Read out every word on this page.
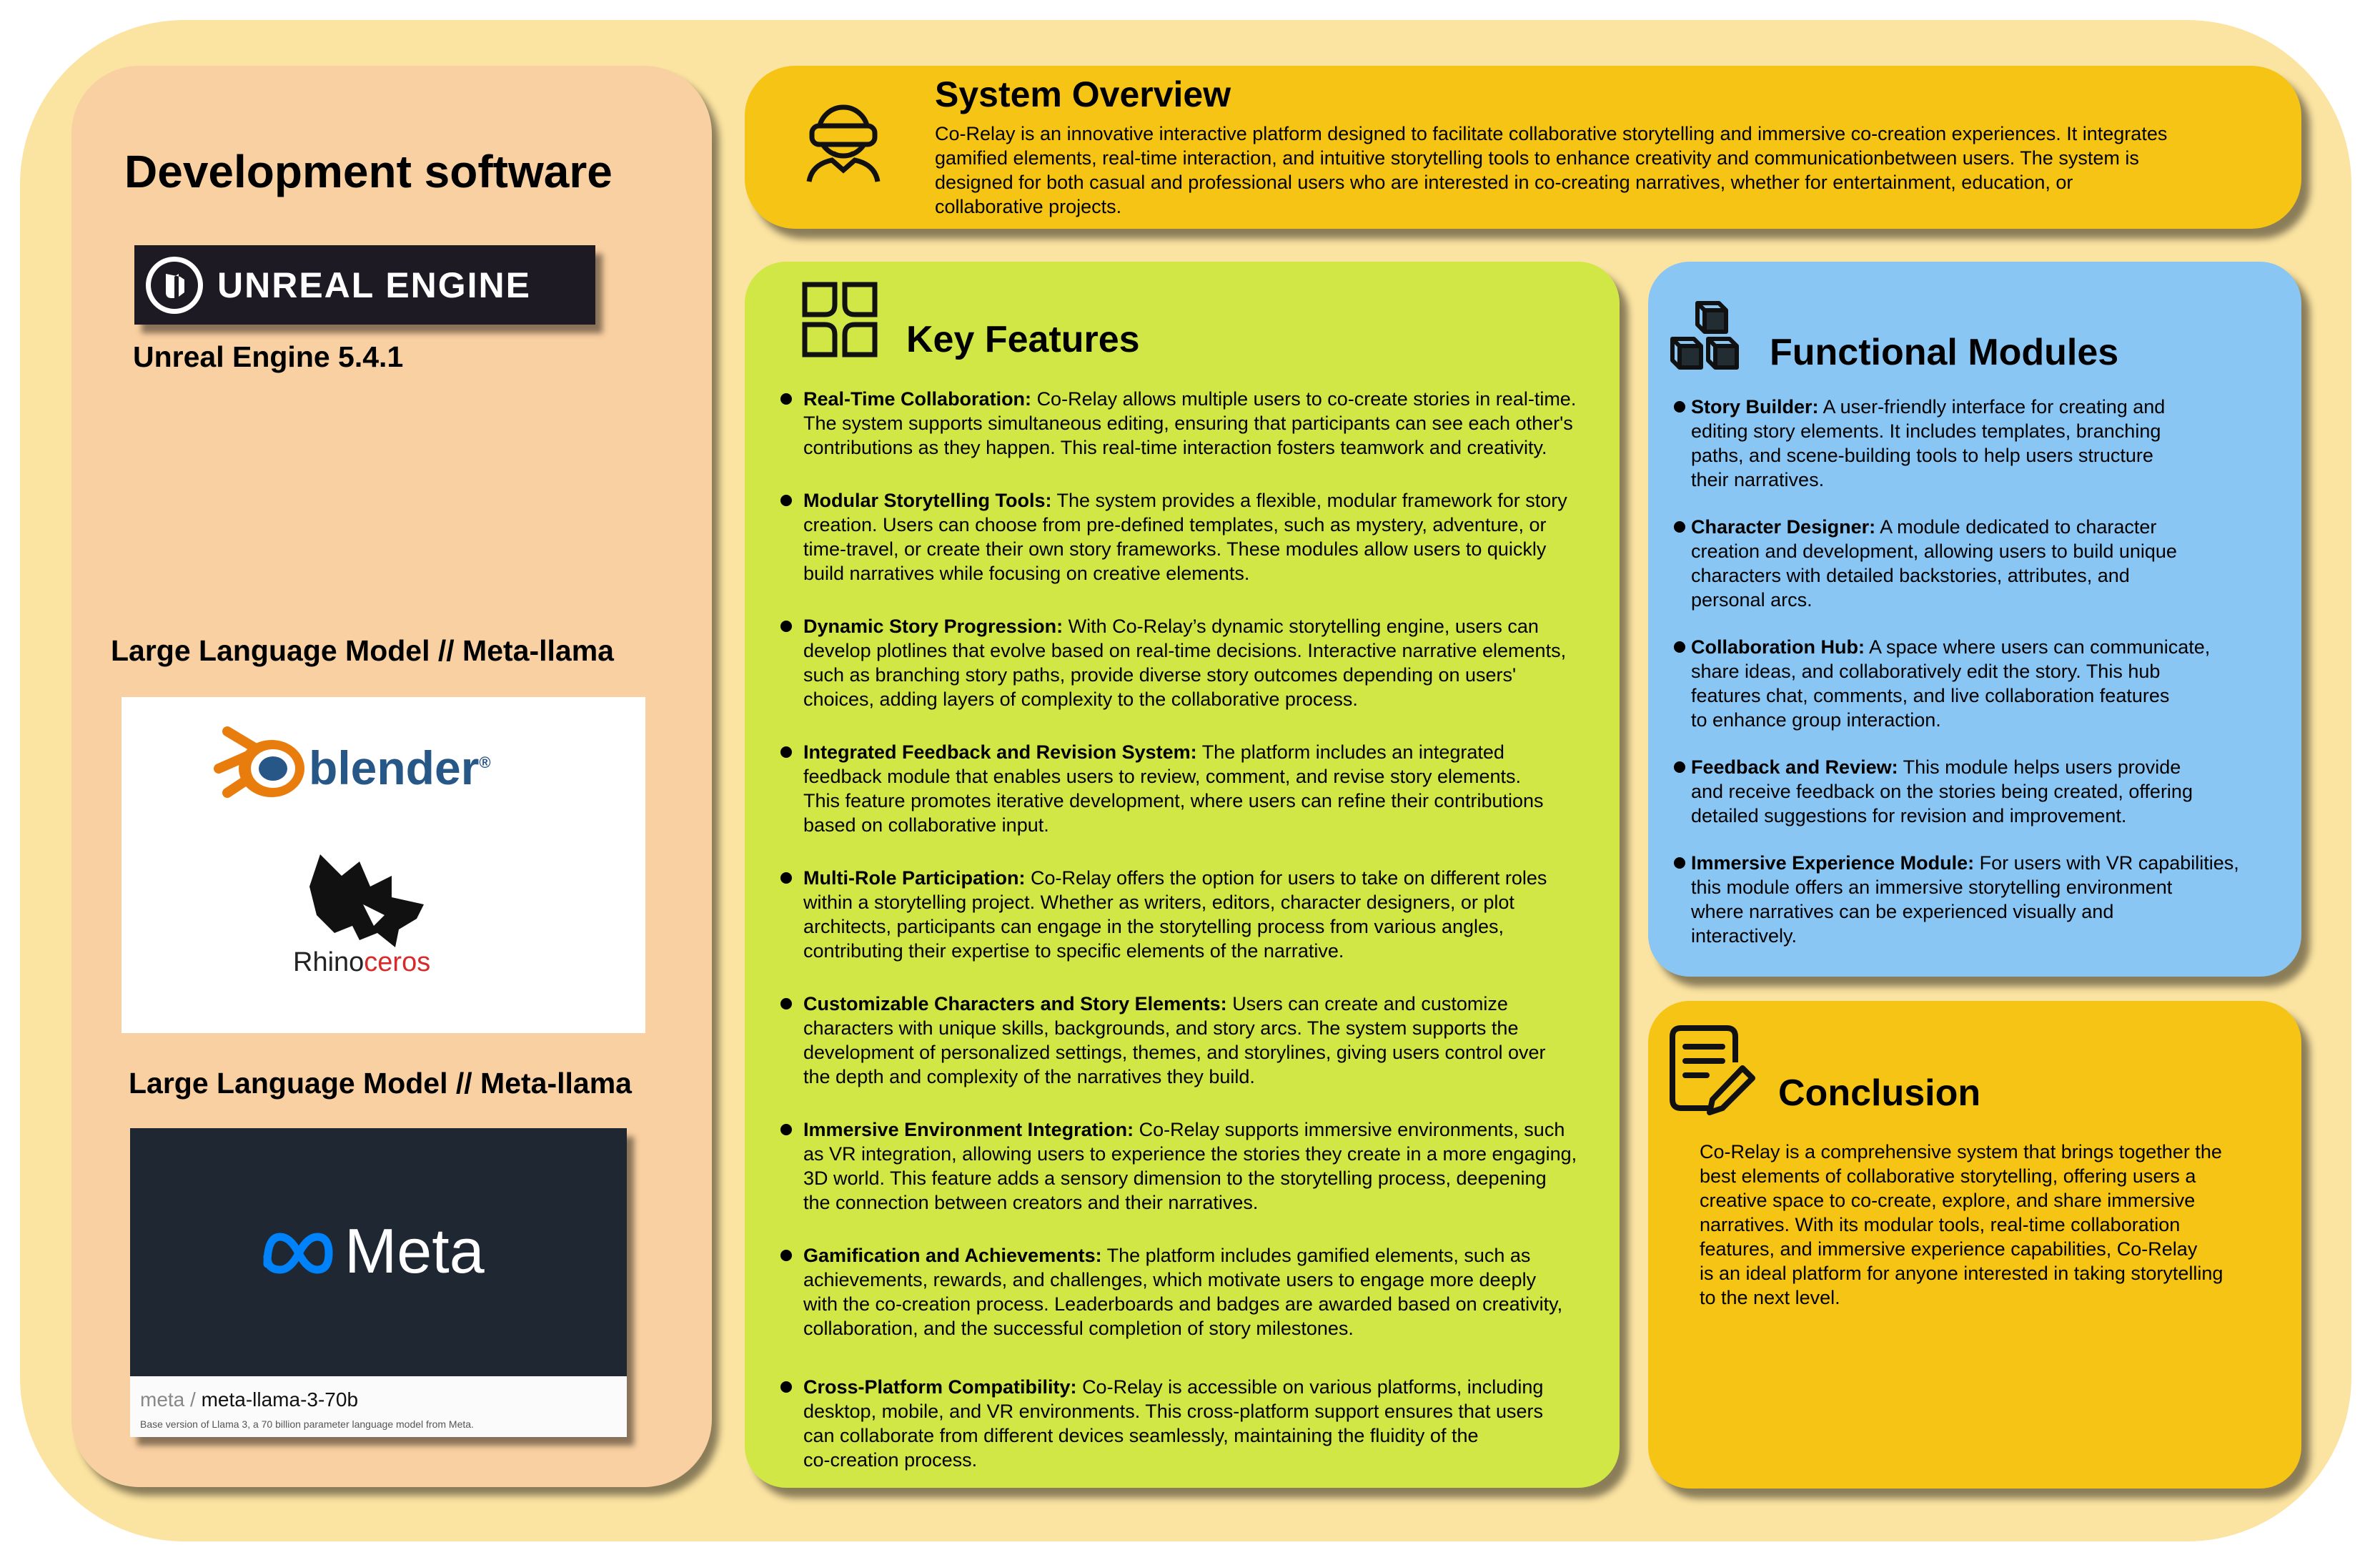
Development software
UNREAL ENGINE
Unreal Engine 5.4.1
Large Language Model // Meta-llama
blender®
Rhinoceros
Large Language Model // Meta-llama
Meta
meta / meta-llama-3-70b
Base version of Llama 3, a 70 billion parameter language model from Meta.
System Overview
Co-Relay is an innovative interactive platform designed to facilitate collaborative storytelling and immersive co-creation experiences. It integrates
gamified elements, real-time interaction, and intuitive storytelling tools to enhance creativity and communicationbetween users. The system is
designed for both casual and professional users who are interested in co-creating narratives, whether for entertainment, education, or
collaborative projects.
Key Features
Real-Time Collaboration: Co-Relay allows multiple users to co-create stories in real-time.
The system supports simultaneous editing, ensuring that participants can see each other's
contributions as they happen. This real-time interaction fosters teamwork and creativity.
Modular Storytelling Tools: The system provides a flexible, modular framework for story
creation. Users can choose from pre-defined templates, such as mystery, adventure, or
time-travel, or create their own story frameworks. These modules allow users to quickly
build narratives while focusing on creative elements.
Dynamic Story Progression: With Co-Relay’s dynamic storytelling engine, users can
develop plotlines that evolve based on real-time decisions. Interactive narrative elements,
such as branching story paths, provide diverse story outcomes depending on users'
choices, adding layers of complexity to the collaborative process.
Integrated Feedback and Revision System: The platform includes an integrated
feedback module that enables users to review, comment, and revise story elements.
This feature promotes iterative development, where users can refine their contributions
based on collaborative input.
Multi-Role Participation: Co-Relay offers the option for users to take on different roles
within a storytelling project. Whether as writers, editors, character designers, or plot
architects, participants can engage in the storytelling process from various angles,
contributing their expertise to specific elements of the narrative.
Customizable Characters and Story Elements: Users can create and customize
characters with unique skills, backgrounds, and story arcs. The system supports the
development of personalized settings, themes, and storylines, giving users control over
the depth and complexity of the narratives they build.
Immersive Environment Integration: Co-Relay supports immersive environments, such
as VR integration, allowing users to experience the stories they create in a more engaging,
3D world. This feature adds a sensory dimension to the storytelling process, deepening
the connection between creators and their narratives.
Gamification and Achievements: The platform includes gamified elements, such as
achievements, rewards, and challenges, which motivate users to engage more deeply
with the co-creation process. Leaderboards and badges are awarded based on creativity,
collaboration, and the successful completion of story milestones.
Cross-Platform Compatibility: Co-Relay is accessible on various platforms, including
desktop, mobile, and VR environments. This cross-platform support ensures that users
can collaborate from different devices seamlessly, maintaining the fluidity of the
co-creation process.
Functional Modules
Story Builder: A user-friendly interface for creating and
editing story elements. It includes templates, branching
paths, and scene-building tools to help users structure
their narratives.
Character Designer: A module dedicated to character
creation and development, allowing users to build unique
characters with detailed backstories, attributes, and
personal arcs.
Collaboration Hub: A space where users can communicate,
share ideas, and collaboratively edit the story. This hub
features chat, comments, and live collaboration features
to enhance group interaction.
Feedback and Review: This module helps users provide
and receive feedback on the stories being created, offering
detailed suggestions for revision and improvement.
Immersive Experience Module: For users with VR capabilities,
this module offers an immersive storytelling environment
where narratives can be experienced visually and
interactively.
Conclusion
Co-Relay is a comprehensive system that brings together the
best elements of collaborative storytelling, offering users a
creative space to co-create, explore, and share immersive
narratives. With its modular tools, real-time collaboration
features, and immersive experience capabilities, Co-Relay
is an ideal platform for anyone interested in taking storytelling
to the next level.
